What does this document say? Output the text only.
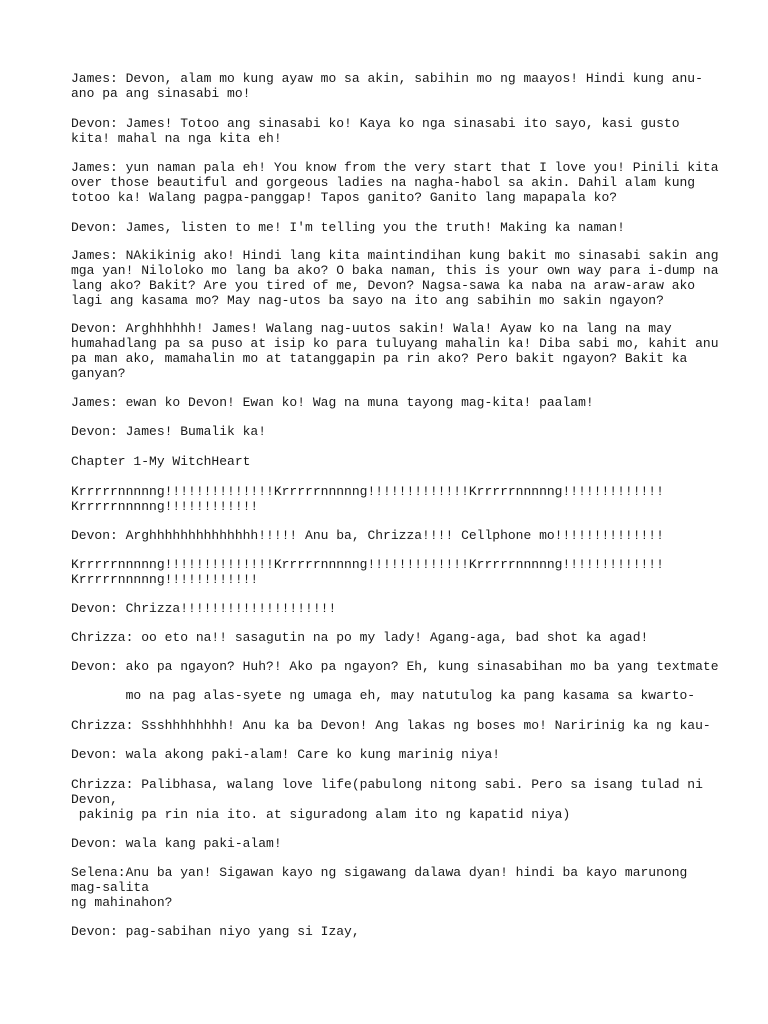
James: Devon, alam mo kung ayaw mo sa akin, sabihin mo ng maayos! Hindi kung anu-
ano pa ang sinasabi mo!

Devon: James! Totoo ang sinasabi ko! Kaya ko nga sinasabi ito sayo, kasi gusto
kita! mahal na nga kita eh!

James: yun naman pala eh! You know from the very start that I love you! Pinili kita
over those beautiful and gorgeous ladies na nagha-habol sa akin. Dahil alam kung
totoo ka! Walang pagpa-panggap! Tapos ganito? Ganito lang mapapala ko?

Devon: James, listen to me! I'm telling you the truth! Making ka naman!

James: NAkikinig ako! Hindi lang kita maintindihan kung bakit mo sinasabi sakin ang
mga yan! Niloloko mo lang ba ako? O baka naman, this is your own way para i-dump na
lang ako? Bakit? Are you tired of me, Devon? Nagsa-sawa ka naba na araw-araw ako
lagi ang kasama mo? May nag-utos ba sayo na ito ang sabihin mo sakin ngayon?

Devon: Arghhhhhh! James! Walang nag-uutos sakin! Wala! Ayaw ko na lang na may
humahadlang pa sa puso at isip ko para tuluyang mahalin ka! Diba sabi mo, kahit anu
pa man ako, mamahalin mo at tatanggapin pa rin ako? Pero bakit ngayon? Bakit ka
ganyan?

James: ewan ko Devon! Ewan ko! Wag na muna tayong mag-kita! paalam!

Devon: James! Bumalik ka!

Chapter 1-My WitchHeart

Krrrrrnnnnng!!!!!!!!!!!!!!Krrrrrnnnnng!!!!!!!!!!!!!Krrrrrnnnnng!!!!!!!!!!!!!
Krrrrrnnnnng!!!!!!!!!!!!

Devon: Arghhhhhhhhhhhhhh!!!!! Anu ba, Chrizza!!!! Cellphone mo!!!!!!!!!!!!!!

Krrrrrnnnnng!!!!!!!!!!!!!!Krrrrrnnnnng!!!!!!!!!!!!!Krrrrrnnnnng!!!!!!!!!!!!!
Krrrrrnnnnng!!!!!!!!!!!!

Devon: Chrizza!!!!!!!!!!!!!!!!!!!!

Chrizza: oo eto na!! sasagutin na po my lady! Agang-aga, bad shot ka agad!

Devon: ako pa ngayon? Huh?! Ako pa ngayon? Eh, kung sinasabihan mo ba yang textmate

mo na pag alas-syete ng umaga eh, may natutulog ka pang kasama sa kwarto-

Chrizza: Ssshhhhhhhh! Anu ka ba Devon! Ang lakas ng boses mo! Naririnig ka ng kau-

Devon: wala akong paki-alam! Care ko kung marinig niya!

Chrizza: Palibhasa, walang love life(pabulong nitong sabi. Pero sa isang tulad ni
Devon,
pakinig pa rin nia ito. at siguradong alam ito ng kapatid niya)

Devon: wala kang paki-alam!

Selena:Anu ba yan! Sigawan kayo ng sigawang dalawa dyan! hindi ba kayo marunong
mag-salita
ng mahinahon?

Devon: pag-sabihan niyo yang si Izay,
